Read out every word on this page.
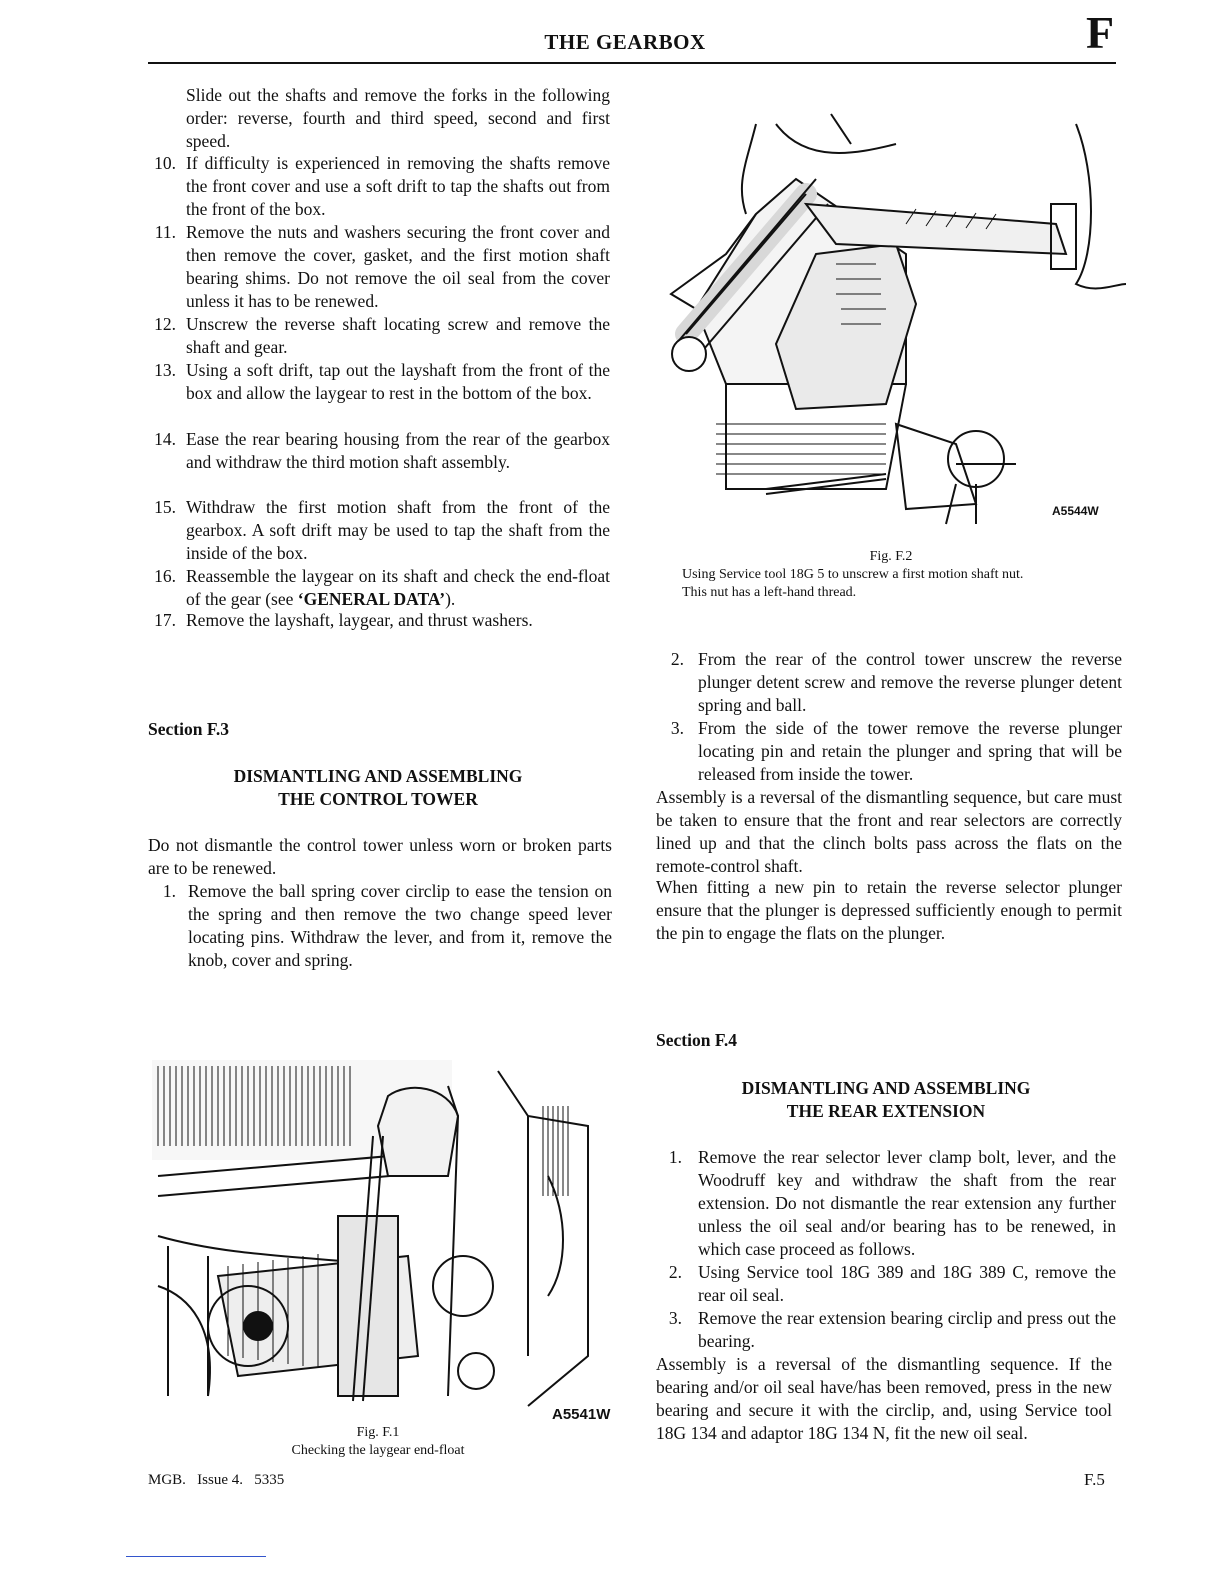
THE GEARBOX	F
Slide out the shafts and remove the forks in the following order: reverse, fourth and third speed, second and first speed.
10. If difficulty is experienced in removing the shafts remove the front cover and use a soft drift to tap the shafts out from the front of the box.
11. Remove the nuts and washers securing the front cover and then remove the cover, gasket, and the first motion shaft bearing shims. Do not remove the oil seal from the cover unless it has to be renewed.
12. Unscrew the reverse shaft locating screw and remove the shaft and gear.
13. Using a soft drift, tap out the layshaft from the front of the box and allow the laygear to rest in the bottom of the box.
14. Ease the rear bearing housing from the rear of the gearbox and withdraw the third motion shaft assembly.
15. Withdraw the first motion shaft from the front of the gearbox. A soft drift may be used to tap the shaft from the inside of the box.
16. Reassemble the laygear on its shaft and check the end-float of the gear (see ‘GENERAL DATA’).
17. Remove the layshaft, laygear, and thrust washers.
Section F.3
DISMANTLING AND ASSEMBLING
THE CONTROL TOWER
Do not dismantle the control tower unless worn or broken parts are to be renewed.
1. Remove the ball spring cover circlip to ease the tension on the spring and then remove the two change speed lever locating pins. Withdraw the lever, and from it, remove the knob, cover and spring.
A5544W
Fig. F.2
Using Service tool 18G 5 to unscrew a first motion shaft nut.
This nut has a left-hand thread.
2. From the rear of the control tower unscrew the reverse plunger detent screw and remove the reverse plunger detent spring and ball.
3. From the side of the tower remove the reverse plunger locating pin and retain the plunger and spring that will be released from inside the tower.
Assembly is a reversal of the dismantling sequence, but care must be taken to ensure that the front and rear selectors are correctly lined up and that the clinch bolts pass across the flats on the remote-control shaft.
When fitting a new pin to retain the reverse selector plunger ensure that the plunger is depressed sufficiently enough to permit the pin to engage the flats on the plunger.
A5541W
Fig. F.1
Checking the laygear end-float
Section F.4
DISMANTLING AND ASSEMBLING
THE REAR EXTENSION
1. Remove the rear selector lever clamp bolt, lever, and the Woodruff key and withdraw the shaft from the rear extension. Do not dismantle the rear extension any further unless the oil seal and/or bearing has to be renewed, in which case proceed as follows.
2. Using Service tool 18G 389 and 18G 389 C, remove the rear oil seal.
3. Remove the rear extension bearing circlip and press out the bearing.
Assembly is a reversal of the dismantling sequence. If the bearing and/or oil seal have/has been removed, press in the new bearing and secure it with the circlip, and, using Service tool 18G 134 and adaptor 18G 134 N, fit the new oil seal.
MGB.   Issue 4.   5335	F.5
